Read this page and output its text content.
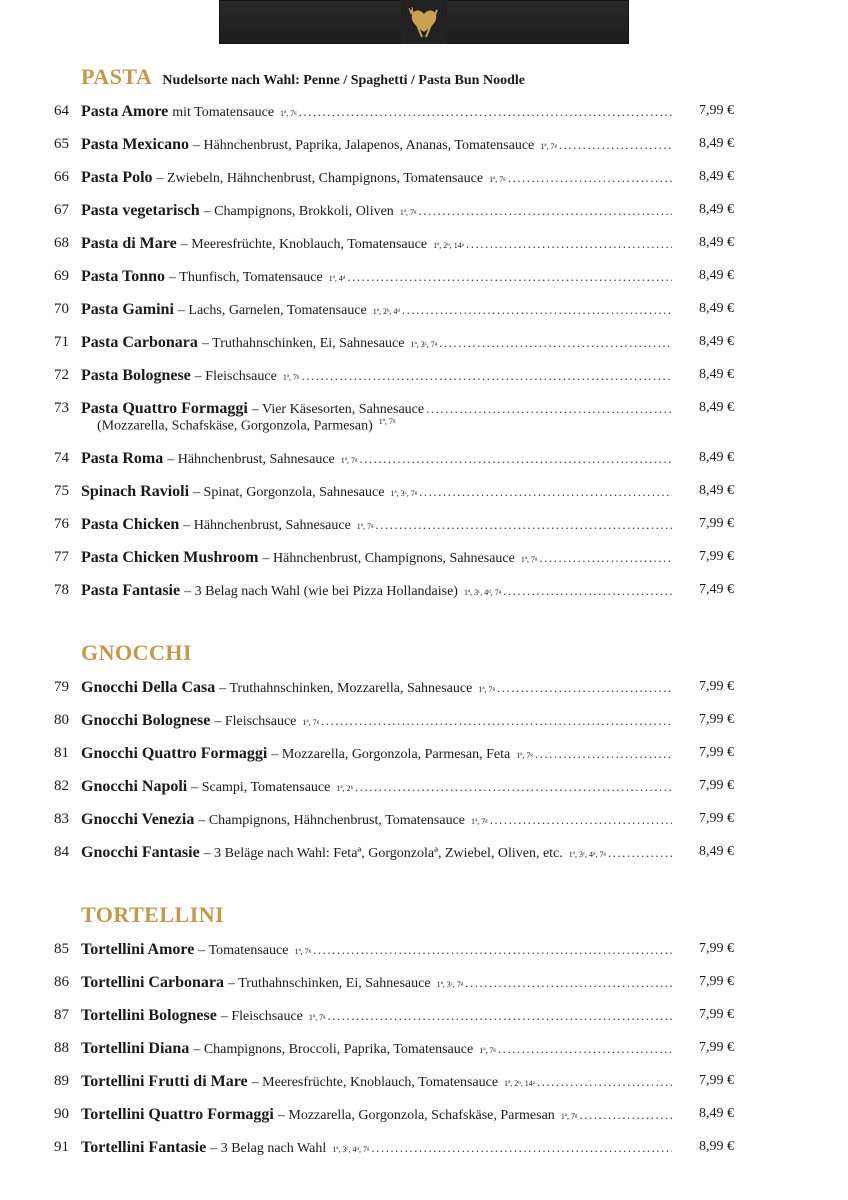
PASTA Nudelsorte nach Wahl: Penne / Spaghetti / Pasta Bun Noodle
GNOCCHI
TORTELLINI
64 Pasta Amore mit Tomatensauce 1ª, 7ᵍ .....	7,99 €
65 Pasta Mexicano – Hähnchenbrust, Paprika, Jalapenos, Ananas, Tomatensauce 1ª, 7ᵍ .....	8,49 €
66 Pasta Polo – Zwiebeln, Hähnchenbrust, Champignons, Tomatensauce 1ª, 7ᵍ .....	8,49 €
67 Pasta vegetarisch – Champignons, Brokkoli, Oliven 1ª, 7ᵍ .....	8,49 €
68 Pasta di Mare – Meeresfrüchte, Knoblauch, Tomatensauce 1ª, 2ᵇ, 14ᵃ .....	8,49 €
69 Pasta Tonno – Thunfisch, Tomatensauce 1ª, 4ᵈ .....	8,49 €
70 Pasta Gamini – Lachs, Garnelen, Tomatensauce 1ª, 2ᵇ, 4ᵈ .....	8,49 €
71 Pasta Carbonara – Truthahnschinken, Ei, Sahnesauce 1ª, 3ᶜ, 7ᵍ .....	8,49 €
72 Pasta Bolognese – Fleischsauce 1ª, 7ᵍ .....	8,49 €
73 Pasta Quattro Formaggi – Vier Käsesorten, Sahnesauce .....	8,49 €
(Mozzarella, Schafskäse, Gorgonzola, Parmesan) $^{1ª, 7ᵍ}$
74 Pasta Roma – Hähnchenbrust, Sahnesauce 1ª, 7ᵍ .....	8,49 €
75 Spinach Ravioli – Spinat, Gorgonzola, Sahnesauce 1ª, 3ᶜ, 7ᵍ .....	8,49 €
76 Pasta Chicken – Hähnchenbrust, Sahnesauce 1ª, 7ᵍ .....	7,99 €
77 Pasta Chicken Mushroom – Hähnchenbrust, Champignons, Sahnesauce 1ª, 7ᵍ .....	7,99 €
78 Pasta Fantasie – 3 Belag nach Wahl (wie bei Pizza Hollandaise) 1ª, 3ᶜ, 4ᵈ, 7ᵍ .....	7,49 €
79 Gnocchi Della Casa – Truthahnschinken, Mozzarella, Sahnesauce 1ª, 7ᵍ .....	7,99 €
80 Gnocchi Bolognese – Fleischsauce 1ª, 7ᵍ .....	7,99 €
81 Gnocchi Quattro Formaggi – Mozzarella, Gorgonzola, Parmesan, Feta 1ª, 7ᵍ .....	7,99 €
82 Gnocchi Napoli – Scampi, Tomatensauce 1ª, 2ᵇ .....	7,99 €
83 Gnocchi Venezia – Champignons, Hähnchenbrust, Tomatensauce 1ª, 7ᵍ .....	7,99 €
84 Gnocchi Fantasie – 3 Beläge nach Wahl: Fetaª, Gorgonzolaª, Zwiebel, Oliven, etc. 1ª, 3ᶜ, 4ᵈ, 7ᵍ .....	8,49 €
85 Tortellini Amore – Tomatensauce 1ª, 7ᵍ .....	7,99 €
86 Tortellini Carbonara – Truthahnschinken, Ei, Sahnesauce 1ª, 3ᶜ, 7ᵍ .....	7,99 €
87 Tortellini Bolognese – Fleischsauce 1ª, 7ᵍ .....	7,99 €
88 Tortellini Diana – Champignons, Broccoli, Paprika, Tomatensauce 1ª, 7ᵍ .....	7,99 €
89 Tortellini Frutti di Mare – Meeresfrüchte, Knoblauch, Tomatensauce 1ª, 2ᵇ, 14ᵃ .....	7,99 €
90 Tortellini Quattro Formaggi – Mozzarella, Gorgonzola, Schafskäse, Parmesan 1ª, 7ᵍ .....	8,49 €
91 Tortellini Fantasie – 3 Belag nach Wahl 1ª, 3ᶜ, 4ᵈ, 7ᵍ .....	8,99 €
